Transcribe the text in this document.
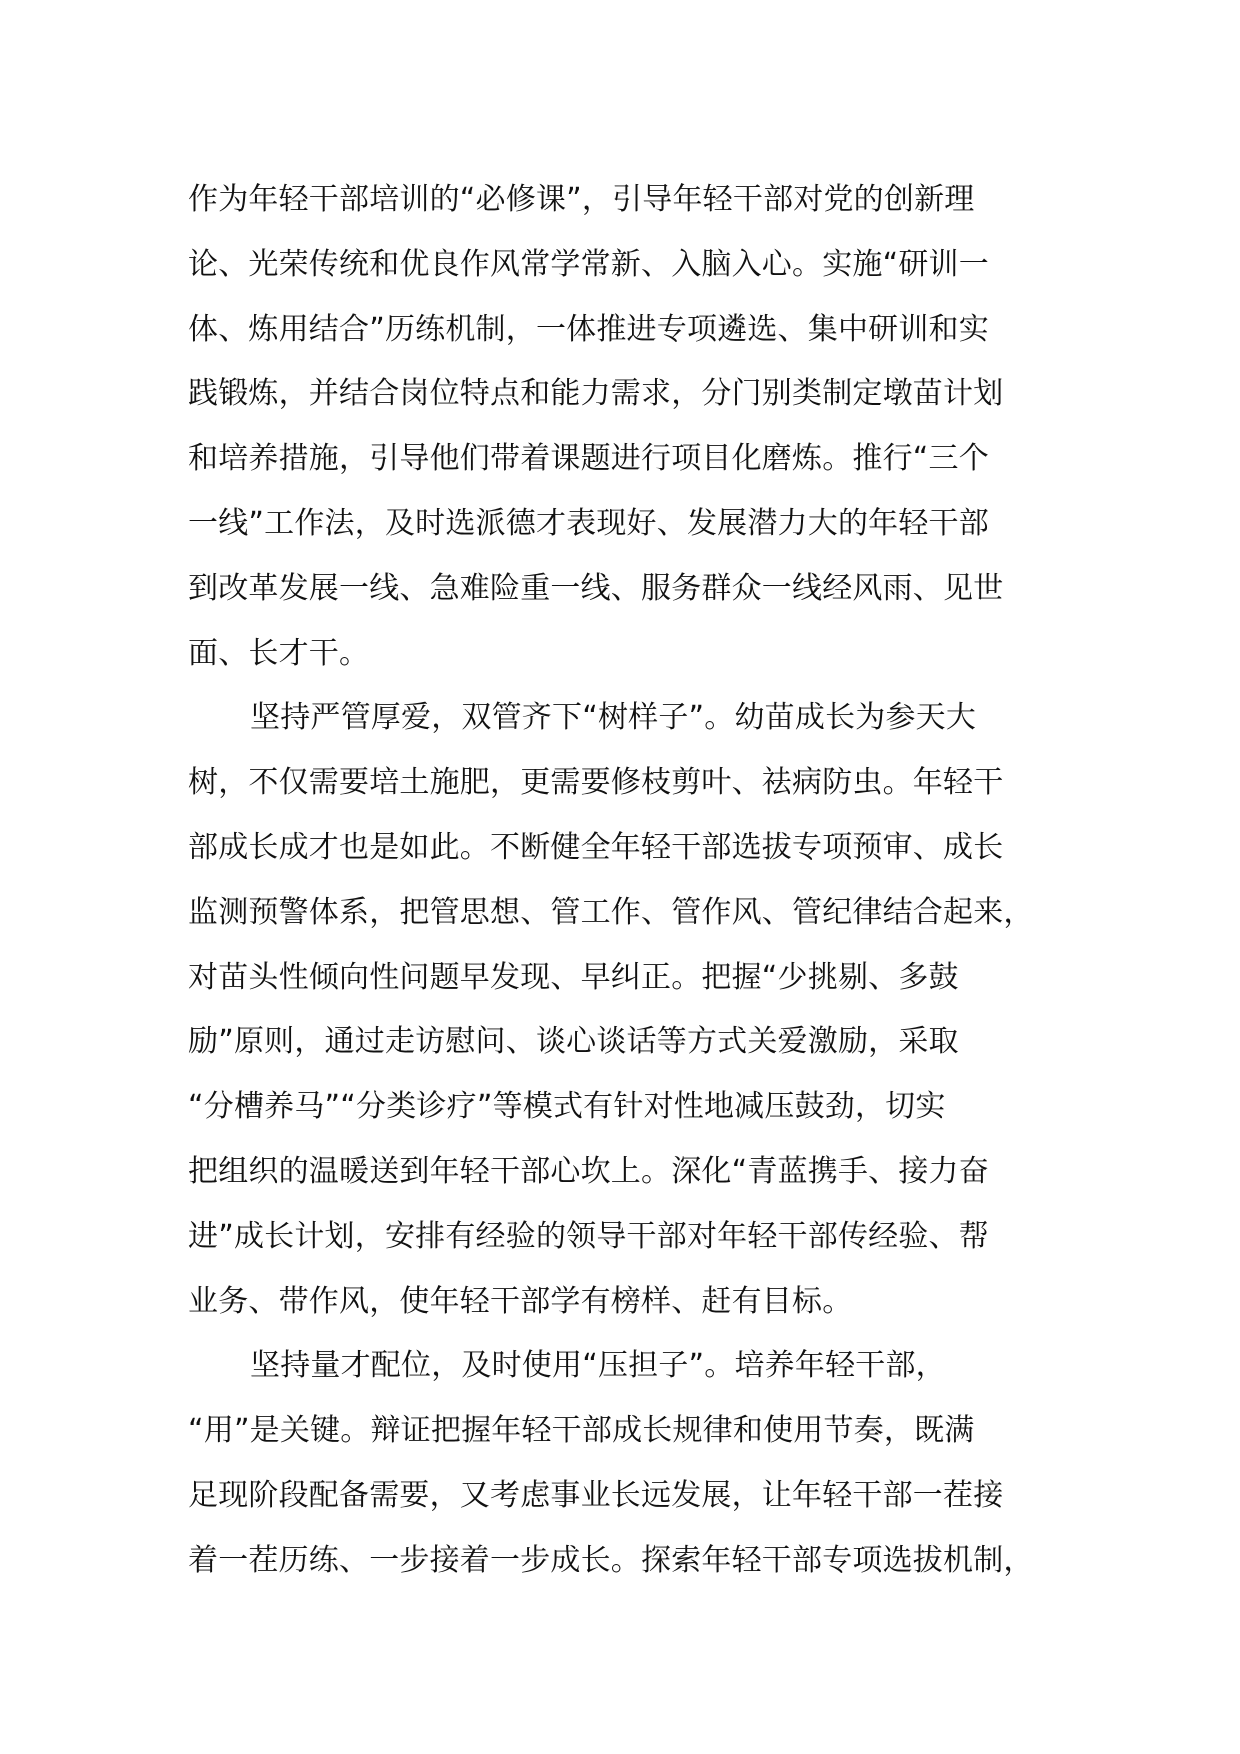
作为年轻干部培训的“必修课”，引导年轻干部对党的创新理
论、光荣传统和优良作风常学常新、入脑入心。实施“研训一
体、炼用结合”历练机制，一体推进专项遴选、集中研训和实
践锻炼，并结合岗位特点和能力需求，分门别类制定墩苗计划
和培养措施，引导他们带着课题进行项目化磨炼。推行“三个
一线”工作法，及时选派德才表现好、发展潜力大的年轻干部
到改革发展一线、急难险重一线、服务群众一线经风雨、见世
面、长才干。
坚持严管厚爱，双管齐下“树样子”。幼苗成长为参天大
树，不仅需要培土施肥，更需要修枝剪叶、祛病防虫。年轻干
部成长成才也是如此。不断健全年轻干部选拔专项预审、成长
监测预警体系，把管思想、管工作、管作风、管纪律结合起来，
对苗头性倾向性问题早发现、早纠正。把握“少挑剔、多鼓
励”原则，通过走访慰问、谈心谈话等方式关爱激励，采取
“分槽养马”“分类诊疗”等模式有针对性地减压鼓劲，切实
把组织的温暖送到年轻干部心坎上。深化“青蓝携手、接力奋
进”成长计划，安排有经验的领导干部对年轻干部传经验、帮
业务、带作风，使年轻干部学有榜样、赶有目标。
坚持量才配位，及时使用“压担子”。培养年轻干部，
“用”是关键。辩证把握年轻干部成长规律和使用节奏，既满
足现阶段配备需要，又考虑事业长远发展，让年轻干部一茬接
着一茬历练、一步接着一步成长。探索年轻干部专项选拔机制，
